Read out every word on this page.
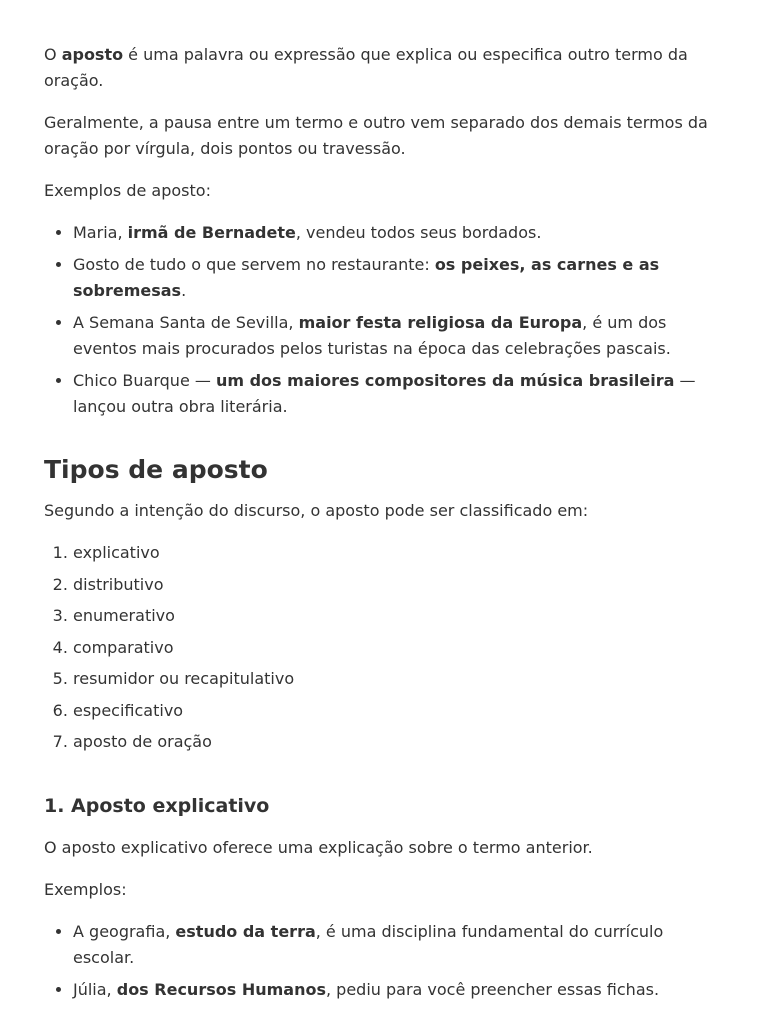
O aposto é uma palavra ou expressão que explica ou especifica outro termo da oração.

Geralmente, a pausa entre um termo e outro vem separado dos demais termos da oração por vírgula, dois pontos ou travessão.

Exemplos de aposto:

• Maria, irmã de Bernadete, vendeu todos seus bordados.
• Gosto de tudo o que servem no restaurante: os peixes, as carnes e as sobremesas.
• A Semana Santa de Sevilla, maior festa religiosa da Europa, é um dos eventos mais procurados pelos turistas na época das celebrações pascais.
• Chico Buarque — um dos maiores compositores da música brasileira — lançou outra obra literária.
Tipos de aposto

Segundo a intenção do discurso, o aposto pode ser classificado em:

1. explicativo
2. distributivo
3. enumerativo
4. comparativo
5. resumidor ou recapitulativo
6. especificativo
7. aposto de oração
1. Aposto explicativo

O aposto explicativo oferece uma explicação sobre o termo anterior.

Exemplos:

• A geografia, estudo da terra, é uma disciplina fundamental do currículo escolar.
• Júlia, dos Recursos Humanos, pediu para você preencher essas fichas.
